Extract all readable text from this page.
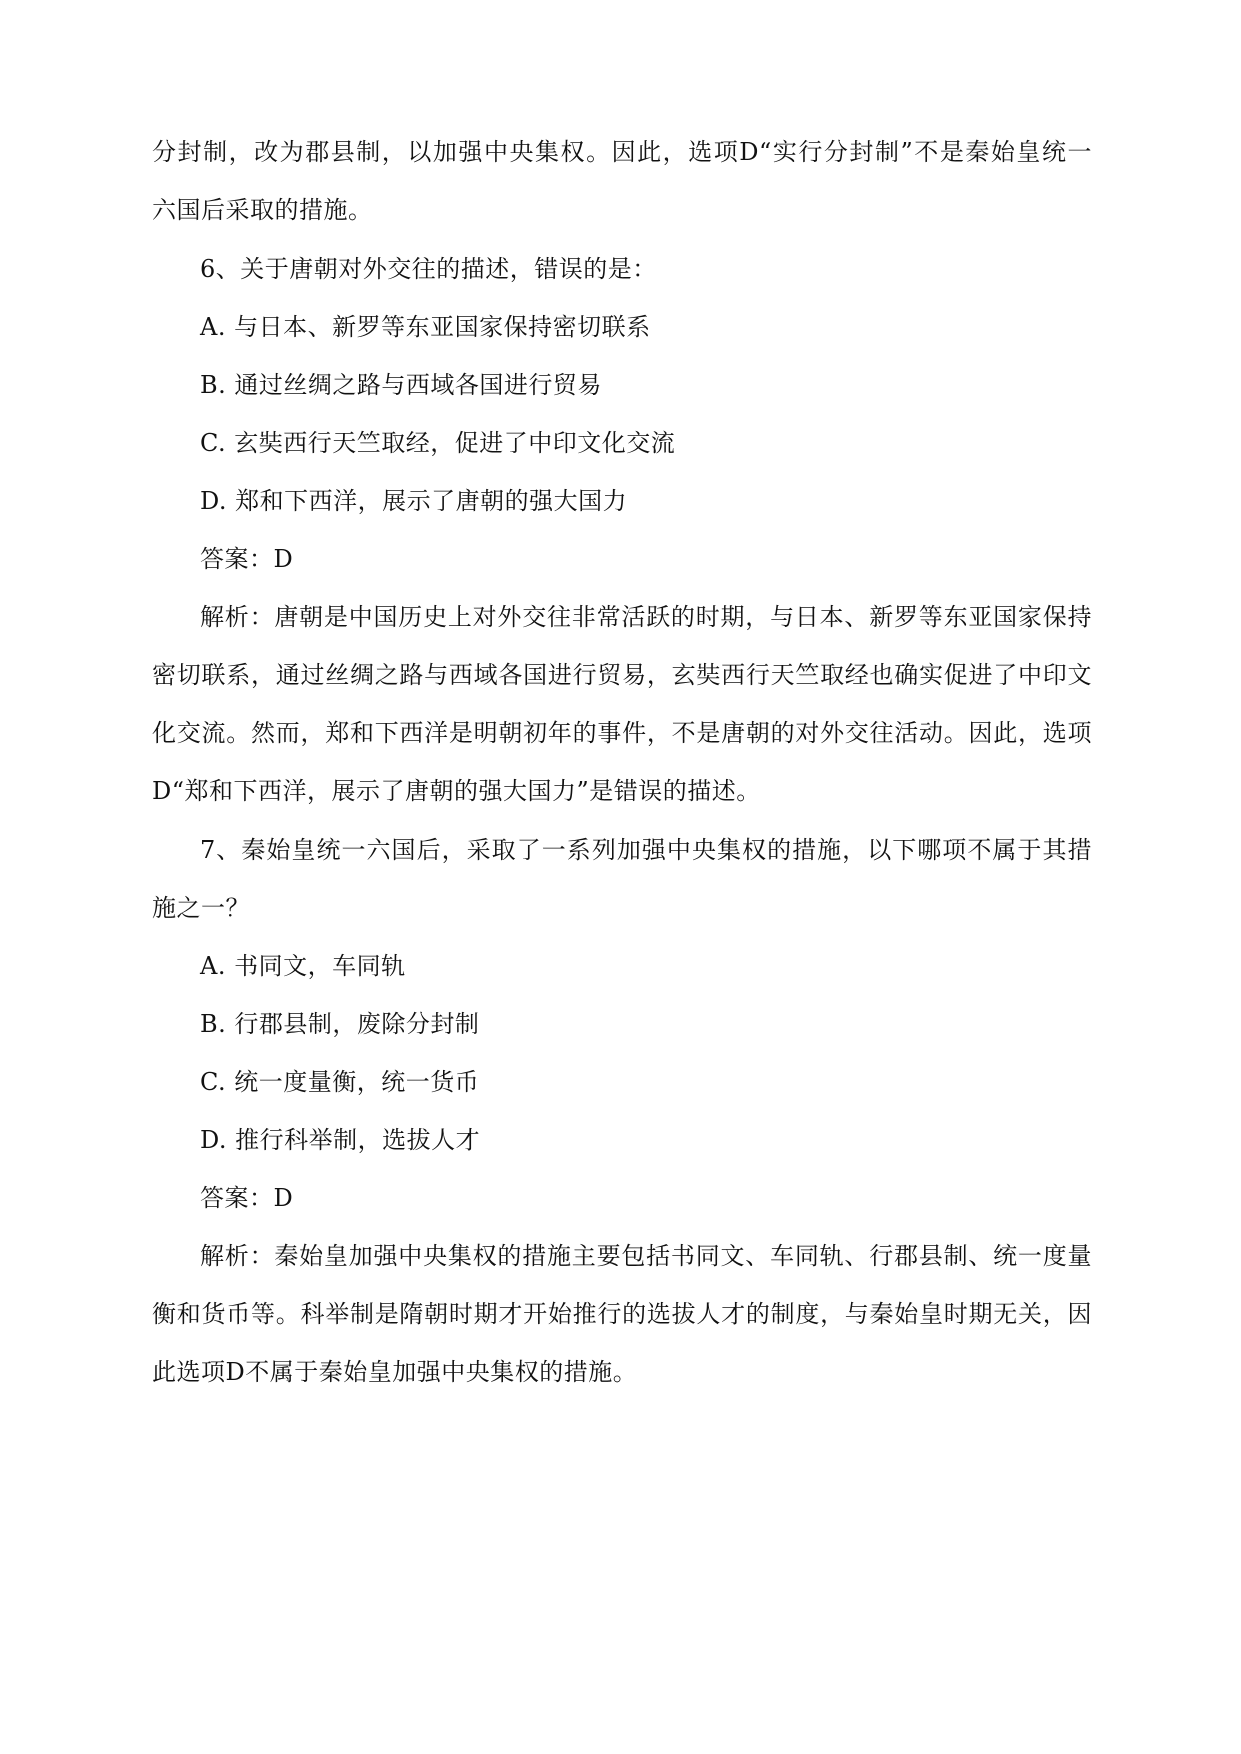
分封制，改为郡县制，以加强中央集权。因此，选项D“实行分封制”不是秦始皇统一
六国后采取的措施。
6、关于唐朝对外交往的描述，错误的是：
A. 与日本、新罗等东亚国家保持密切联系
B. 通过丝绸之路与西域各国进行贸易
C. 玄奘西行天竺取经，促进了中印文化交流
D. 郑和下西洋，展示了唐朝的强大国力
答案：D
解析：唐朝是中国历史上对外交往非常活跃的时期，与日本、新罗等东亚国家保持
密切联系，通过丝绸之路与西域各国进行贸易，玄奘西行天竺取经也确实促进了中印文
化交流。然而，郑和下西洋是明朝初年的事件，不是唐朝的对外交往活动。因此，选项
D“郑和下西洋，展示了唐朝的强大国力”是错误的描述。
7、秦始皇统一六国后，采取了一系列加强中央集权的措施，以下哪项不属于其措
施之一？
A. 书同文，车同轨
B. 行郡县制，废除分封制
C. 统一度量衡，统一货币
D. 推行科举制，选拔人才
答案：D
解析：秦始皇加强中央集权的措施主要包括书同文、车同轨、行郡县制、统一度量
衡和货币等。科举制是隋朝时期才开始推行的选拔人才的制度，与秦始皇时期无关，因
此选项D不属于秦始皇加强中央集权的措施。
